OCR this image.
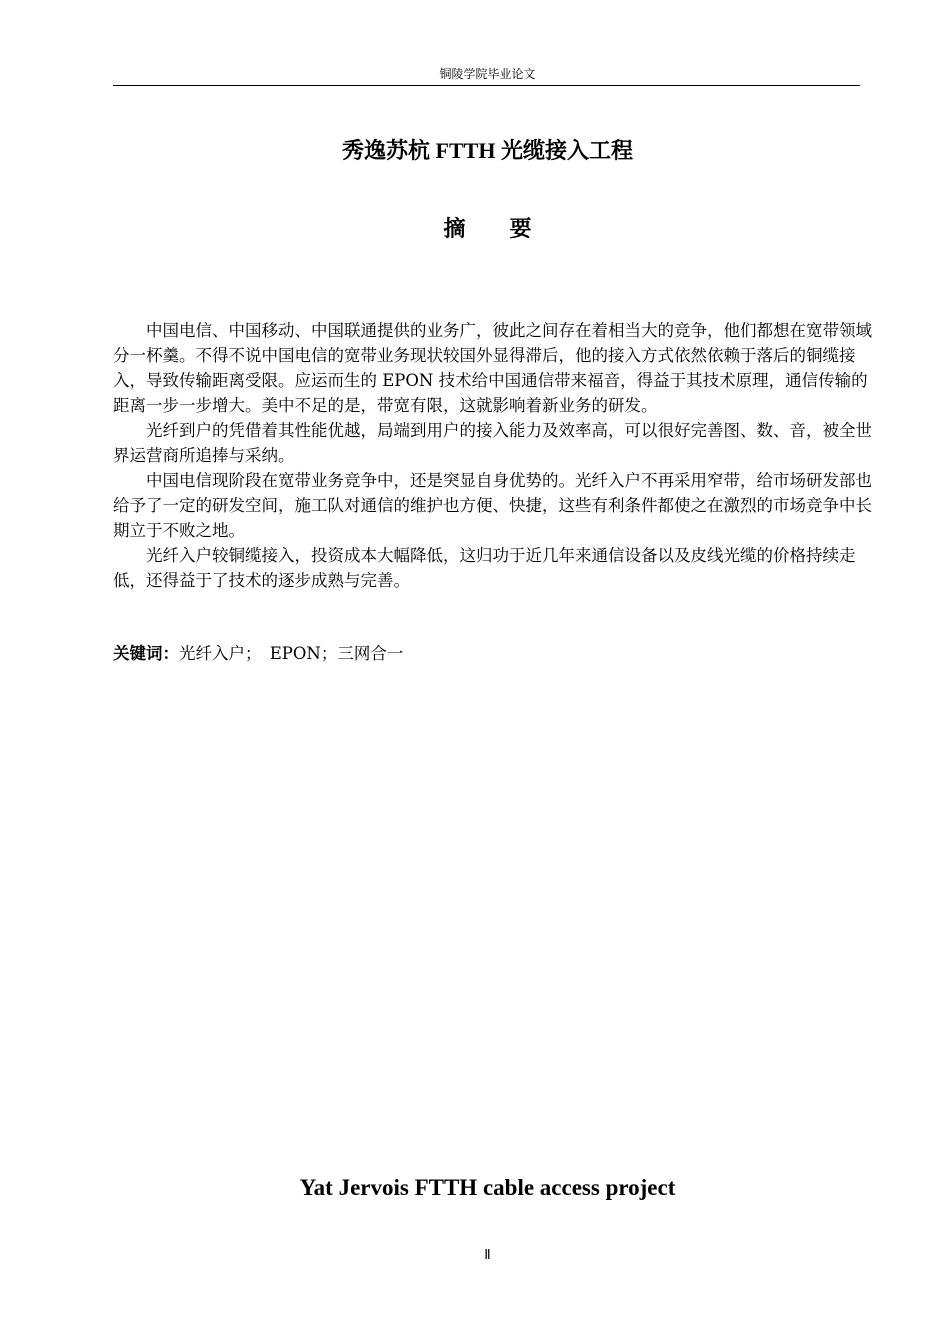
铜陵学院毕业论文
秀逸苏杭 FTTH 光缆接入工程
摘　　要

中国电信、中国移动、中国联通提供的业务广，彼此之间存在着相当大的竞争，他们都想在宽带领域分一杯羹。不得不说中国电信的宽带业务现状较国外显得滞后，他的接入方式依然依赖于落后的铜缆接入，导致传输距离受限。应运而生的 EPON 技术给中国通信带来福音，得益于其技术原理，通信传输的距离一步一步增大。美中不足的是，带宽有限，这就影响着新业务的研发。

光纤到户的凭借着其性能优越，局端到用户的接入能力及效率高，可以很好完善图、数、音，被全世界运营商所追捧与采纳。

中国电信现阶段在宽带业务竞争中，还是突显自身优势的。光纤入户不再采用窄带，给市场研发部也给予了一定的研发空间，施工队对通信的维护也方便、快捷，这些有利条件都使之在激烈的市场竞争中长期立于不败之地。

光纤入户较铜缆接入，投资成本大幅降低，这归功于近几年来通信设备以及皮线光缆的价格持续走低，还得益于了技术的逐步成熟与完善。

关键词：光纤入户；　EPON；三网合一
Yat Jervois FTTH cable access project
Ⅱ
